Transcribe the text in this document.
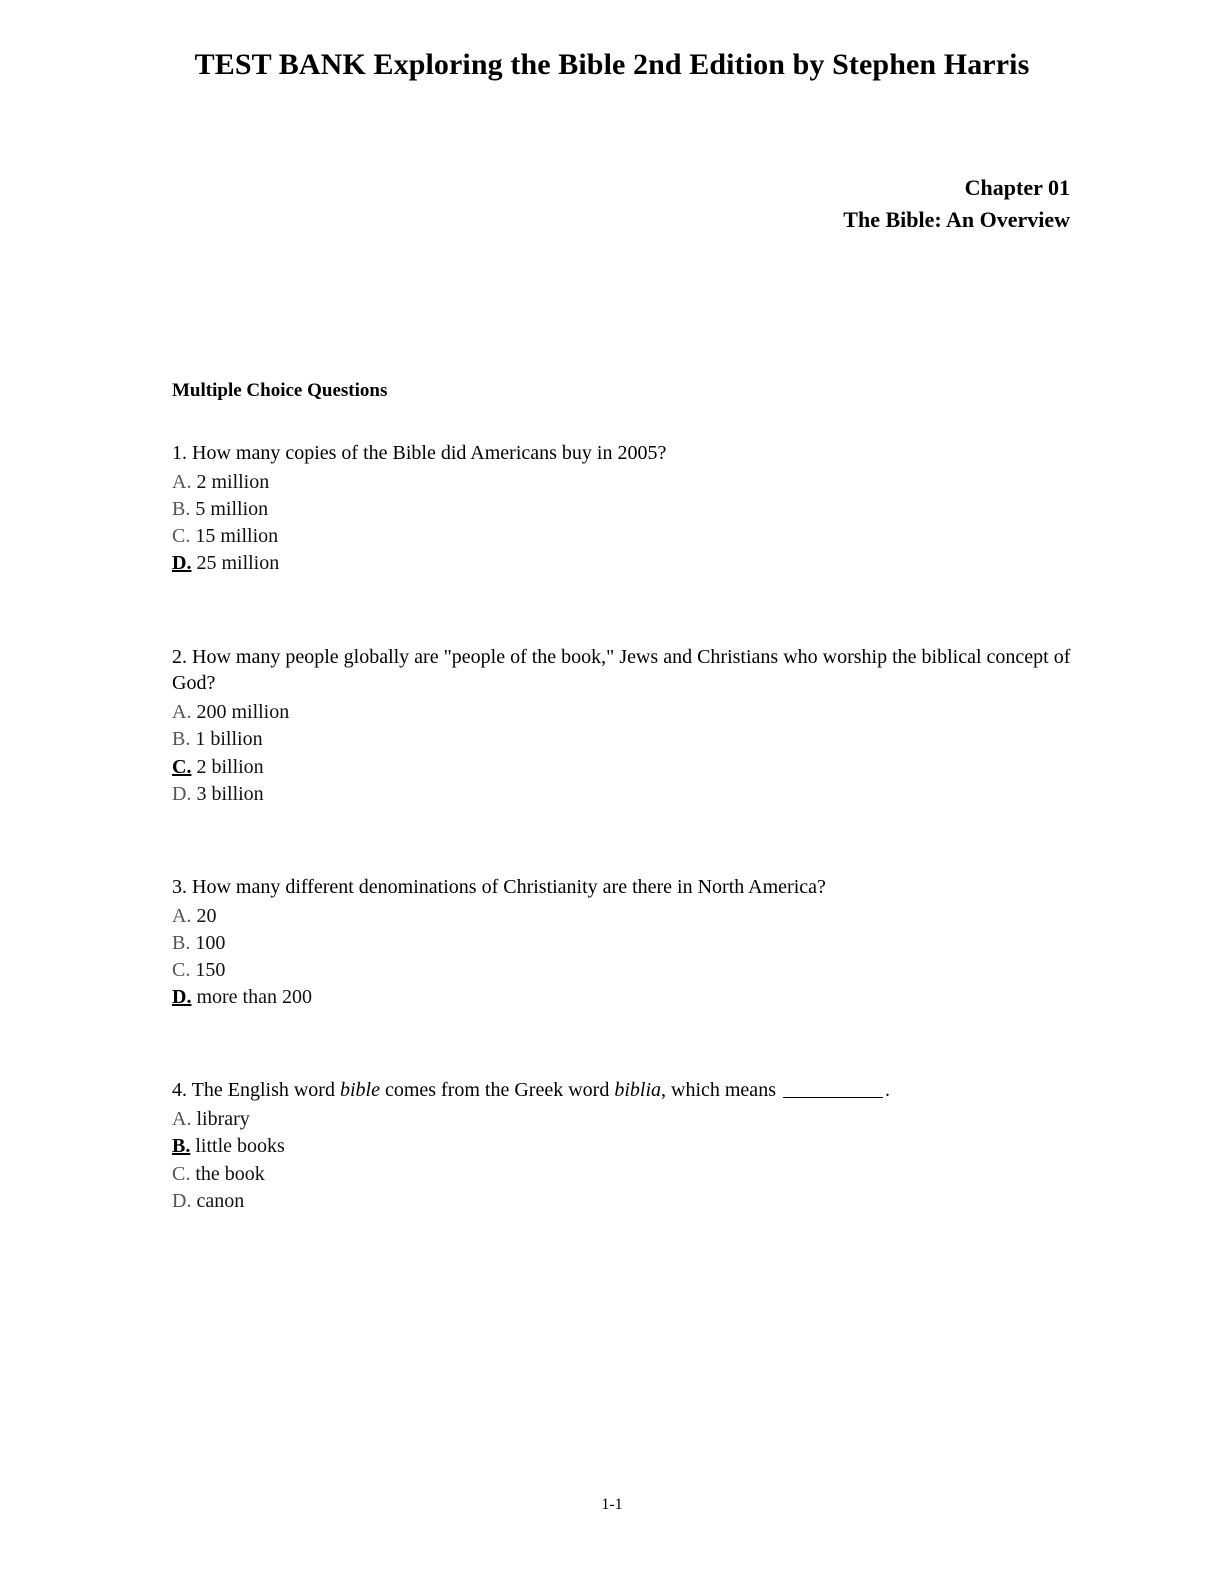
TEST BANK Exploring the Bible 2nd Edition by Stephen Harris
Chapter 01
The Bible: An Overview
Multiple Choice Questions
1. How many copies of the Bible did Americans buy in 2005?
A. 2 million
B. 5 million
C. 15 million
D. 25 million
2. How many people globally are "people of the book," Jews and Christians who worship the biblical concept of God?
A. 200 million
B. 1 billion
C. 2 billion
D. 3 billion
3. How many different denominations of Christianity are there in North America?
A. 20
B. 100
C. 150
D. more than 200
4. The English word bible comes from the Greek word biblia, which means	.
A. library
B. little books
C. the book
D. canon
1-1
